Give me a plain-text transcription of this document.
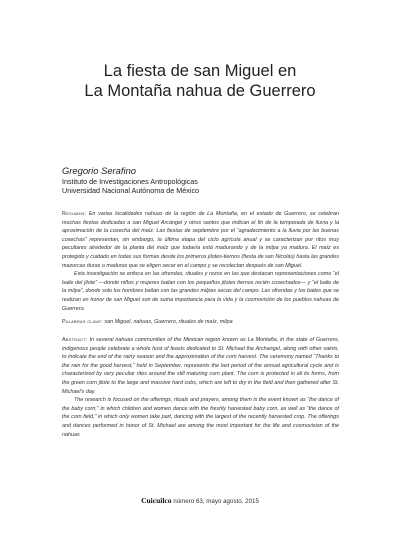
La fiesta de san Miguel en
La Montaña nahua de Guerrero
Gregorio Serafino
Instituto de Investigaciones Antropológicas
Universidad Nacional Autónoma de México

Resumen: En varias localidades nahuas de la región de La Montaña, en el estado de Guerrero, se celebran muchas fiestas dedicadas a san Miguel Arcángel y otros santos que indican el fin de la temporada de lluvia y la aproximación de la cosecha del maíz. Las fiestas de septiembre por el “agradecimiento a la lluvia por las buenas cosechas” representan, sin embargo, la última etapa del ciclo agrícola anual y se caracterizan por ritos muy peculiares alrededor de la planta del maíz que todavía está madurando y de la milpa ya madura. El maíz es protegido y cuidado en todas sus formas desde los primeros jilotes-tiernos (fiesta de san Nicolás) hasta las grandes mazorcas duras o maduras que se eligen secar en el campo y se recolectan después de san Miguel.

Esta investigación se enfoca en las ofrendas, rituales y rezos en las que destacan representaciones como “el baile del jilote” —donde niños y mujeres bailan con los pequeños jilotes tiernos recién cosechados— y “el baile de la milpa”, donde solo los hombres bailan con las grandes milpas secas del campo. Las ofrendas y los bailes que se realizan en honor de san Miguel son de suma importancia para la vida y la cosmovisión de los pueblos nahuas de Guerrero.

Palabras clave: san Miguel, nahuas, Guerrero, rituales de maíz, milpa

Abstract: In several nahuas communities of the Mexican region known as La Montaña, in the state of Guerrero, indigenous people celebrate a whole host of feasts dedicated to St. Michael the Archangel, along with other saints, to indicate the end of the rainy season and the approximation of the corn harvest. The ceremony named “Thanks to the rain for the good harvest,” held in September, represents the last period of the annual agricultural cycle and is characterized by very peculiar rites around the still maturing corn plant. The corn is protected in all its forms, from the green corn jilote to the large and massive hard cobs, which are left to dry in the field and then gathered after St. Michael’s day.

The research is focused on the offerings, rituals and prayers, among them is the event known as “the dance of the baby corn,” in which children and women dance with the freshly harvested baby corn, as well as “the dance of the corn field,” in which only women take part, dancing with the largest of the recently harvested crop. The offerings and dances performed in honor of St. Michael are among the most important for the life and cosmovision of the nahuas

Cuicuilco número 63, mayo agosto, 2015
